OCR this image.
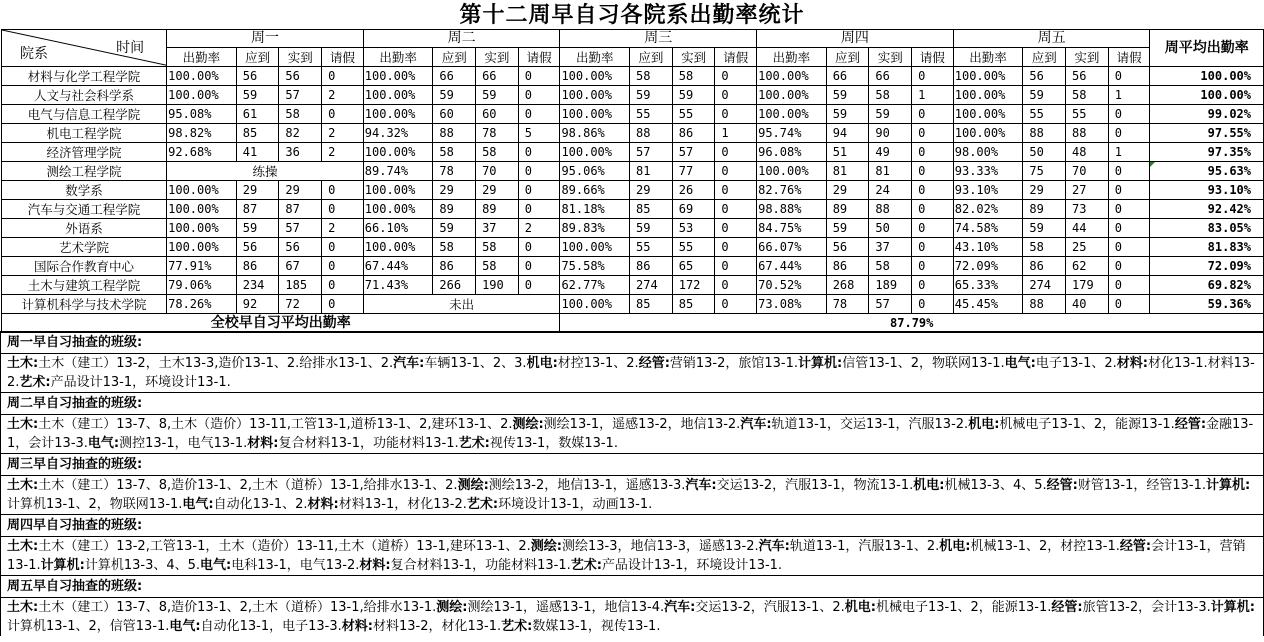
第十二周早自习各院系出勤率统计
时间
院系	周一				周二				周三				周四				周五				周平均出勤率
	出勤率	应到	实到	请假	出勤率	应到	实到	请假	出勤率	应到	实到	请假	出勤率	应到	实到	请假	出勤率	应到	实到	请假	
材料与化学工程学院	100.00%	56	56	0	100.00%	66	66	0	100.00%	58	58	0	100.00%	66	66	0	100.00%	56	56	0	100.00%
人文与社会科学系	100.00%	59	57	2	100.00%	59	59	0	100.00%	59	59	0	100.00%	59	58	1	100.00%	59	58	1	100.00%
电气与信息工程学院	95.08%	61	58	0	100.00%	60	60	0	100.00%	55	55	0	100.00%	59	59	0	100.00%	55	55	0	99.02%
机电工程学院	98.82%	85	82	2	94.32%	88	78	5	98.86%	88	86	1	95.74%	94	90	0	100.00%	88	88	0	97.55%
经济管理学院	92.68%	41	36	2	100.00%	58	58	0	100.00%	57	57	0	96.08%	51	49	0	98.00%	50	48	1	97.35%
测绘工程学院	练操				89.74%	78	70	0	95.06%	81	77	0	100.00%	81	81	0	93.33%	75	70	0	95.63%
数学系	100.00%	29	29	0	100.00%	29	29	0	89.66%	29	26	0	82.76%	29	24	0	93.10%	29	27	0	93.10%
汽车与交通工程学院	100.00%	87	87	0	100.00%	89	89	0	81.18%	85	69	0	98.88%	89	88	0	82.02%	89	73	0	92.42%
外语系	100.00%	59	57	2	66.10%	59	37	2	89.83%	59	53	0	84.75%	59	50	0	74.58%	59	44	0	83.05%
艺术学院	100.00%	56	56	0	100.00%	58	58	0	100.00%	55	55	0	66.07%	56	37	0	43.10%	58	25	0	81.83%
国际合作教育中心	77.91%	86	67	0	67.44%	86	58	0	75.58%	86	65	0	67.44%	86	58	0	72.09%	86	62	0	72.09%
土木与建筑工程学院	79.06%	234	185	0	71.43%	266	190	0	62.77%	274	172	0	70.52%	268	189	0	65.33%	274	179	0	69.82%
计算机科学与技术学院	78.26%	92	72	0	未出				100.00%	85	85	0	73.08%	78	57	0	45.45%	88	40	0	59.36%
全校早自习平均出勤率									87.79%												
周一早自习抽查的班级:
土木:土木（建工）13-2，土木13-3,造价13-1、2.给排水13-1、2.汽车:车辆13-1、2、3.机电:材控13-1、2.经管:营销13-2，旅馆13-1.计算机:信管13-1、2，物联网13-1.电气:电子13-1、2.材料:材化13-1.材料13-2.艺术:产品设计13-1，环境设计13-1.
周二早自习抽查的班级:
土木:土木（建工）13-7、8,土木（造价）13-11,工管13-1,道桥13-1、2,建环13-1、2.测绘:测绘13-1，遥感13-2，地信13-2.汽车:轨道13-1，交运13-1，汽服13-2.机电:机械电子13-1、2，能源13-1.经管:金融13-1，会计13-3.电气:测控13-1，电气13-1.材料:复合材料13-1，功能材料13-1.艺术:视传13-1，数媒13-1.
周三早自习抽查的班级:
土木:土木（建工）13-7、8,造价13-1、2,土木（道桥）13-1,给排水13-1、2.测绘:测绘13-2，地信13-1，遥感13-3.汽车:交运13-2，汽服13-1，物流13-1.机电:机械13-3、4、5.经管:财管13-1，经管13-1.计算机:计算机13-1、2，物联网13-1.电气:自动化13-1、2.材料:材料13-1，材化13-2.艺术:环境设计13-1，动画13-1.
周四早自习抽查的班级:
土木:土木（建工）13-2,工管13-1，土木（造价）13-11,土木（道桥）13-1,建环13-1、2.测绘:测绘13-3，地信13-3，遥感13-2.汽车:轨道13-1，汽服13-1、2.机电:机械13-1、2，材控13-1.经管:会计13-1，营销13-1.计算机:计算机13-3、4、5.电气:电科13-1，电气13-2.材料:复合材料13-1，功能材料13-1.艺术:产品设计13-1，环境设计13-1.
周五早自习抽查的班级:
土木:土木（建工）13-7、8,造价13-1、2,土木（道桥）13-1,给排水13-1.测绘:测绘13-1，遥感13-1，地信13-4.汽车:交运13-2，汽服13-1、2.机电:机械电子13-1、2，能源13-1.经管:旅管13-2，会计13-3.计算机:计算机13-1、2，信管13-1.电气:自动化13-1，电子13-3.材料:材料13-2，材化13-1.艺术:数媒13-1，视传13-1.
